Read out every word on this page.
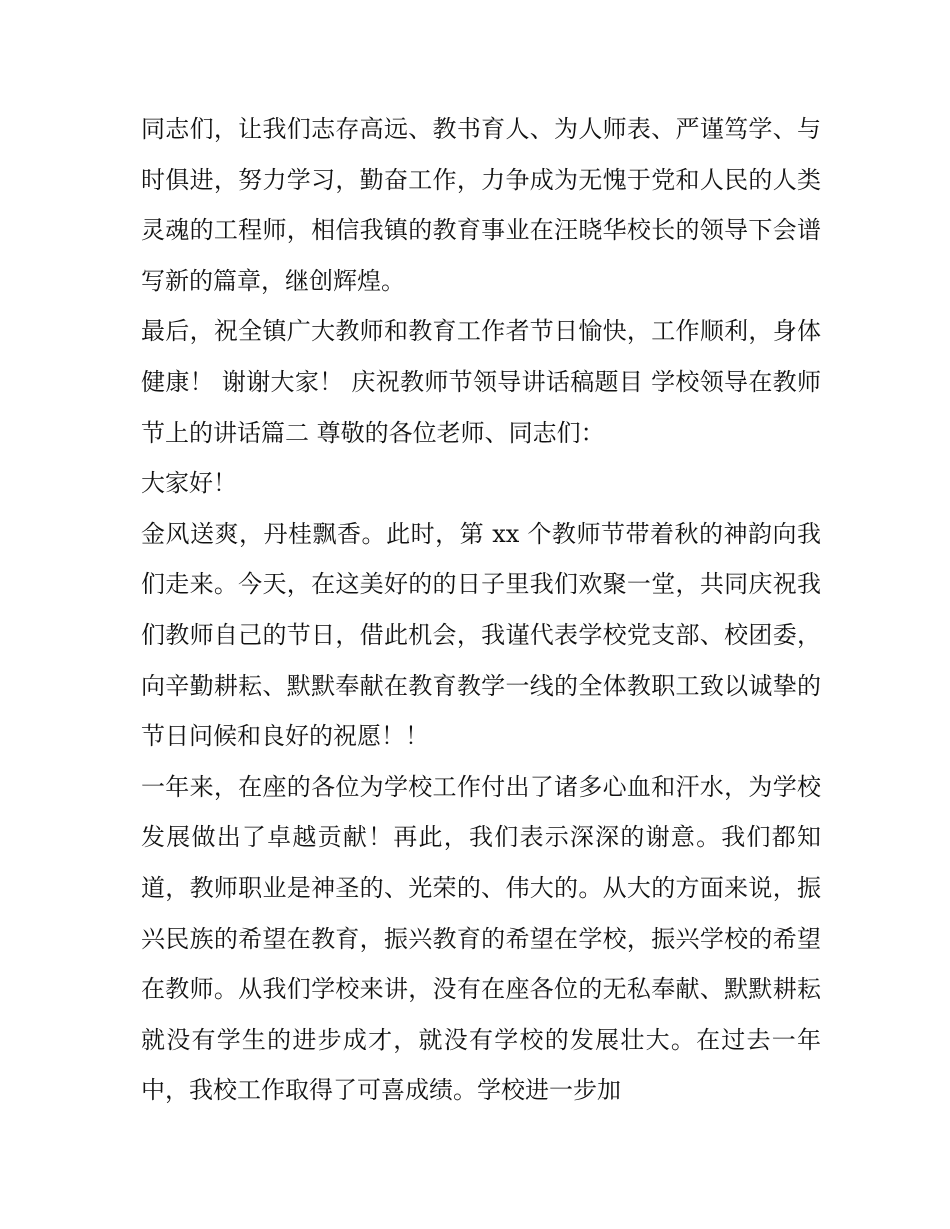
同志们，让我们志存高远、教书育人、为人师表、严谨笃学、与时俱进，努力学习，勤奋工作，力争成为无愧于党和人民的人类灵魂的工程师，相信我镇的教育事业在汪晓华校长的领导下会谱写新的篇章，继创辉煌。

最后，祝全镇广大教师和教育工作者节日愉快，工作顺利，身体健康！ 谢谢大家！ 庆祝教师节领导讲话稿题目 学校领导在教师节上的讲话篇二 尊敬的各位老师、同志们：

大家好！

金风送爽，丹桂飘香。此时，第 xx 个教师节带着秋的神韵向我们走来。今天，在这美好的的日子里我们欢聚一堂，共同庆祝我们教师自己的节日，借此机会，我谨代表学校党支部、校团委，向辛勤耕耘、默默奉献在教育教学一线的全体教职工致以诚挚的节日问候和良好的祝愿！！

一年来，在座的各位为学校工作付出了诸多心血和汗水，为学校发展做出了卓越贡献！再此，我们表示深深的谢意。我们都知道，教师职业是神圣的、光荣的、伟大的。从大的方面来说，振兴民族的希望在教育，振兴教育的希望在学校，振兴学校的希望在教师。从我们学校来讲，没有在座各位的无私奉献、默默耕耘就没有学生的进步成才，就没有学校的发展壮大。在过去一年中，我校工作取得了可喜成绩。学校进一步加
